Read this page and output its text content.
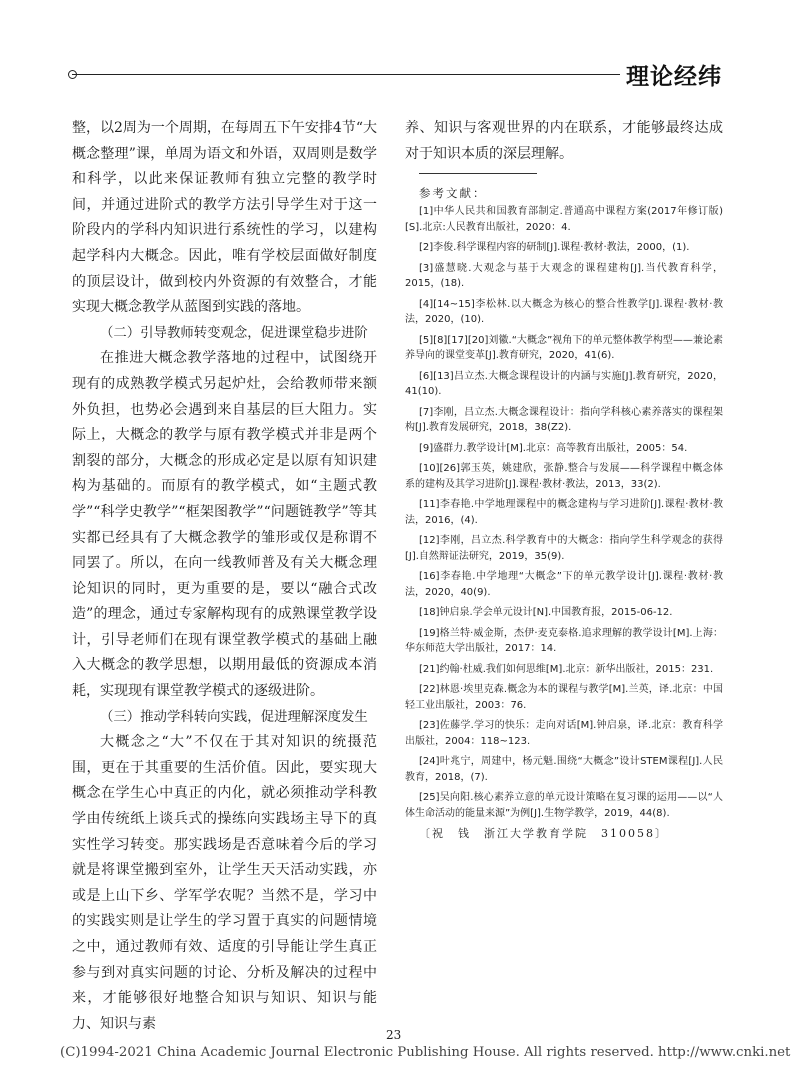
理论经纬

整，以2周为一个周期，在每周五下午安排4节“大概念整理”课，单周为语文和外语，双周则是数学和科学，以此来保证教师有独立完整的教学时间，并通过进阶式的教学方法引导学生对于这一阶段内的学科内知识进行系统性的学习，以建构起学科内大概念。因此，唯有学校层面做好制度的顶层设计，做到校内外资源的有效整合，才能实现大概念教学从蓝图到实践的落地。

（二）引导教师转变观念，促进课堂稳步进阶

在推进大概念教学落地的过程中，试图绕开现有的成熟教学模式另起炉灶，会给教师带来额外负担，也势必会遇到来自基层的巨大阻力。实际上，大概念的教学与原有教学模式并非是两个割裂的部分，大概念的形成必定是以原有知识建构为基础的。而原有的教学模式，如“主题式教学”“科学史教学”“框架图教学”“问题链教学”等其实都已经具有了大概念教学的雏形或仅是称谓不同罢了。所以，在向一线教师普及有关大概念理论知识的同时，更为重要的是，要以“融合式改造”的理念，通过专家解构现有的成熟课堂教学设计，引导老师们在现有课堂教学模式的基础上融入大概念的教学思想，以期用最低的资源成本消耗，实现现有课堂教学模式的逐级进阶。

（三）推动学科转向实践，促进理解深度发生

大概念之“大”不仅在于其对知识的统摄范围，更在于其重要的生活价值。因此，要实现大概念在学生心中真正的内化，就必须推动学科教学由传统纸上谈兵式的操练向实践场主导下的真实性学习转变。那实践场是否意味着今后的学习就是将课堂搬到室外，让学生天天活动实践，亦或是上山下乡、学军学农呢？当然不是，学习中的实践实则是让学生的学习置于真实的问题情境之中，通过教师有效、适度的引导能让学生真正参与到对真实问题的讨论、分析及解决的过程中来，才能够很好地整合知识与知识、知识与能力、知识与素

养、知识与客观世界的内在联系，才能够最终达成对于知识本质的深层理解。

参考文献：

[1]中华人民共和国教育部制定.普通高中课程方案(2017年修订版)[S].北京:人民教育出版社，2020：4.

[2]李俊.科学课程内容的研制[J].课程·教材·教法，2000，(1).

[3]盛慧晓.大观念与基于大观念的课程建构[J].当代教育科学，2015，(18).

[4][14~15]李松林.以大概念为核心的整合性教学[J].课程·教材·教法，2020，(10).

[5][8][17][20]刘徽.“大概念”视角下的单元整体教学构型——兼论素养导向的课堂变革[J].教育研究，2020，41(6).

[6][13]吕立杰.大概念课程设计的内涵与实施[J].教育研究，2020，41(10).

[7]李刚，吕立杰.大概念课程设计：指向学科核心素养落实的课程架构[J].教育发展研究，2018，38(Z2).

[9]盛群力.教学设计[M].北京：高等教育出版社，2005：54.

[10][26]郭玉英，姚建欣，张静.整合与发展——科学课程中概念体系的建构及其学习进阶[J].课程·教材·教法，2013，33(2).

[11]李春艳.中学地理课程中的概念建构与学习进阶[J].课程·教材·教法，2016，(4).

[12]李刚，吕立杰.科学教育中的大概念：指向学生科学观念的获得[J].自然辩证法研究，2019，35(9).

[16]李春艳.中学地理“大概念”下的单元教学设计[J].课程·教材·教法，2020，40(9).

[18]钟启泉.学会单元设计[N].中国教育报，2015-06-12.

[19]格兰特·威金斯，杰伊·麦克泰格.追求理解的教学设计[M].上海：华东师范大学出版社，2017：14.

[21]约翰·杜威.我们如何思维[M].北京：新华出版社，2015：231.

[22]林恩·埃里克森.概念为本的课程与教学[M].兰英，译.北京：中国轻工业出版社，2003：76.

[23]佐藤学.学习的快乐：走向对话[M].钟启泉，译.北京：教育科学出版社，2004：118~123.

[24]叶兆宁，周建中，杨元魁.围绕“大概念”设计STEM课程[J].人民教育，2018，(7).

[25]吴向阳.核心素养立意的单元设计策略在复习课的运用——以“人体生命活动的能量来源”为例[J].生物学教学，2019，44(8).

〔祝　钱　浙江大学教育学院　310058〕

23
(C)1994-2021 China Academic Journal Electronic Publishing House. All rights reserved. http://www.cnki.net
